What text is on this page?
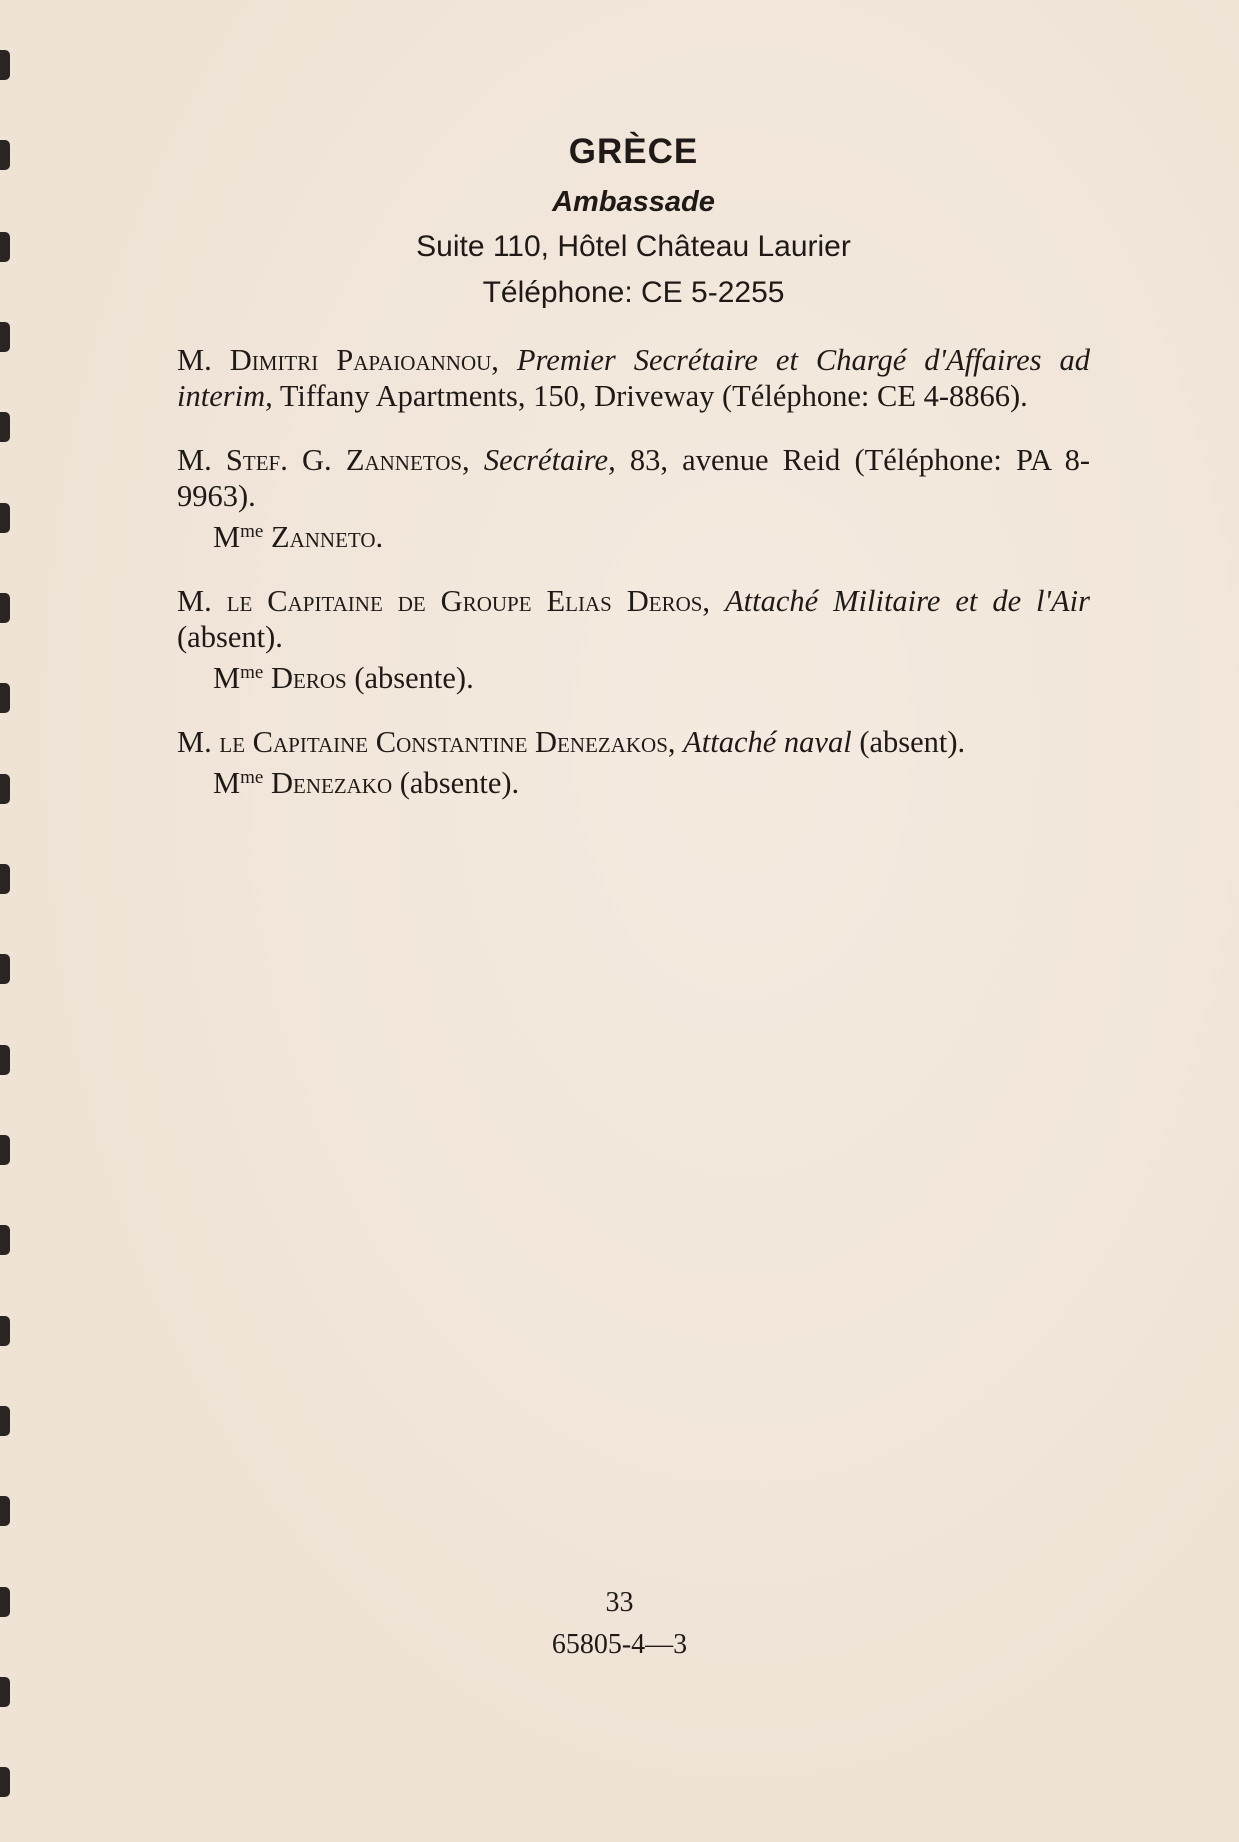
GRÈCE
Ambassade
Suite 110, Hôtel Château Laurier
Téléphone: CE 5-2255
M. Dimitri Papaioannou, Premier Secrétaire et Chargé d'Affaires ad interim, Tiffany Apartments, 150, Driveway (Téléphone: CE 4-8866).
M. Stef. G. Zannetos, Secrétaire, 83, avenue Reid (Téléphone: PA 8-9963).
$M^{me}$ Zanneto.
M. le Capitaine de Groupe Elias Deros, Attaché Militaire et de l'Air (absent).
$M^{me}$ Deros (absente).
M. le Capitaine Constantine Denezakos, Attaché naval (absent).
$M^{me}$ Denezako (absente).
33
65805-4—3
